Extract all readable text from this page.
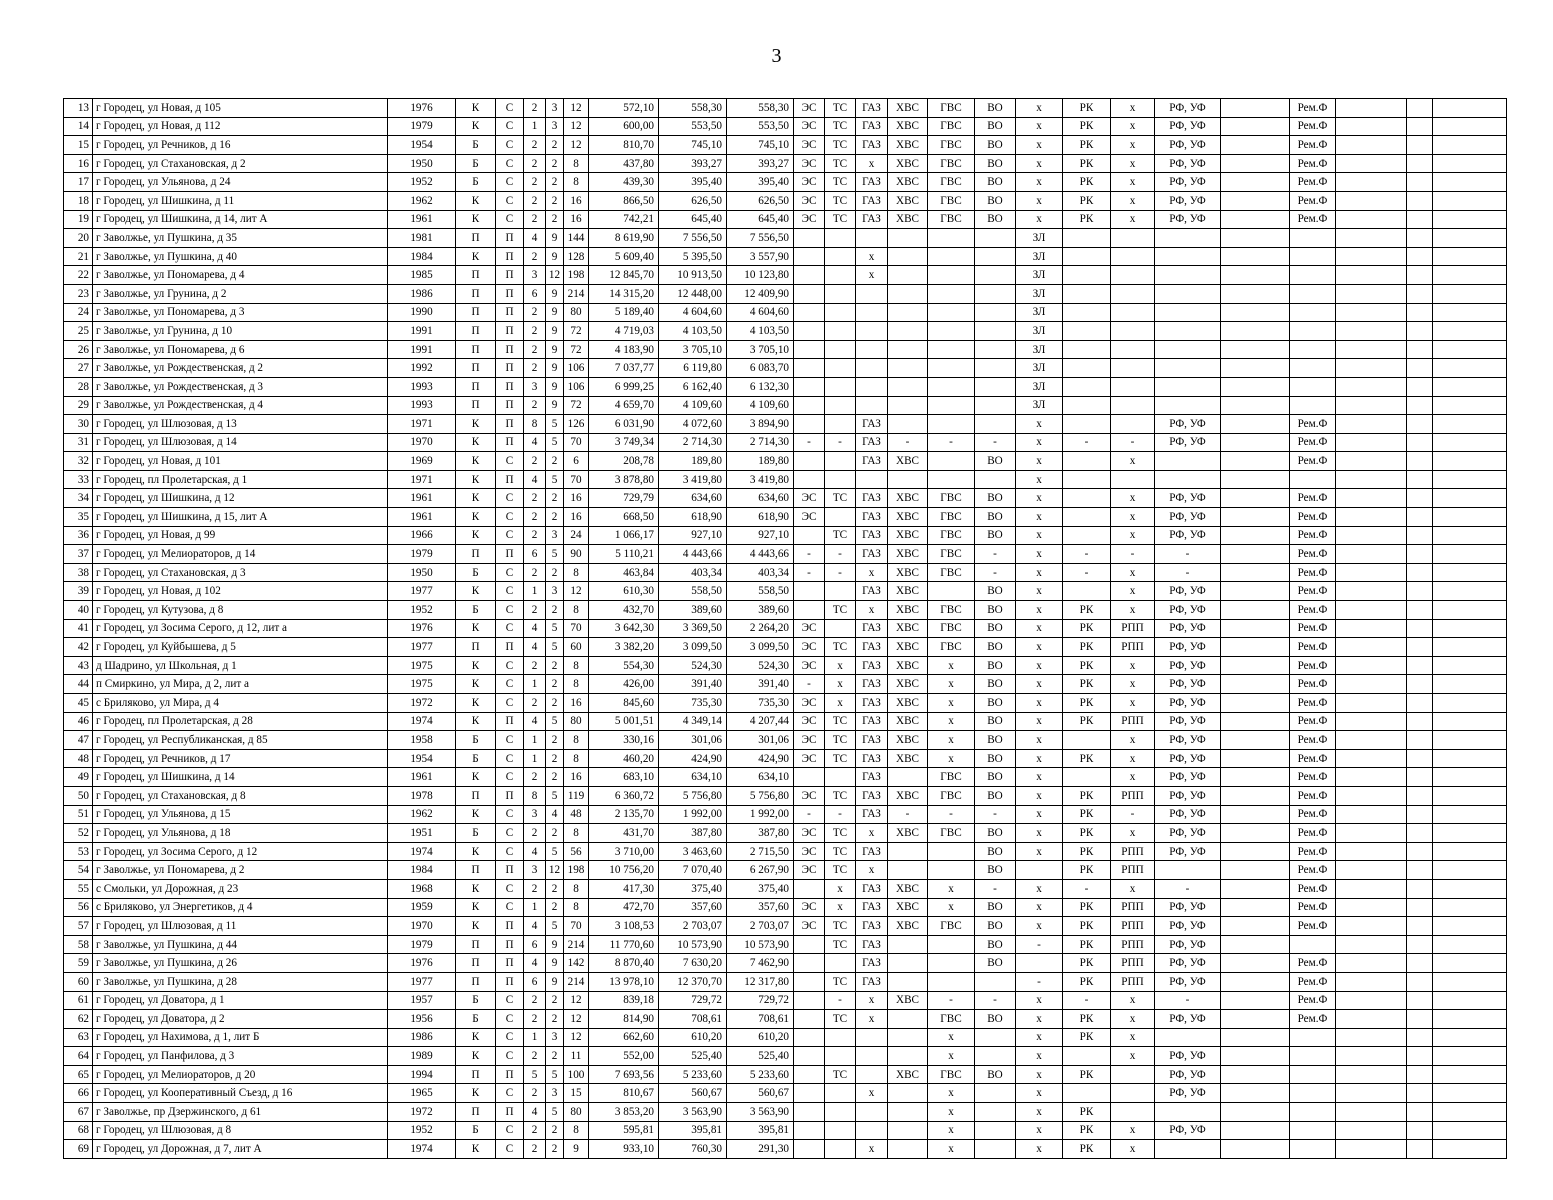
3
13	г Городец, ул Новая, д 105	1976	К	С	2	3	12	572,10	558,30	558,30	ЭС	ТС	ГАЗ	ХВС	ГВС	ВО	х	РК	х	РФ, УФ		Рем.Ф			
14	г Городец, ул Новая, д 112	1979	К	С	1	3	12	600,00	553,50	553,50	ЭС	ТС	ГАЗ	ХВС	ГВС	ВО	х	РК	х	РФ, УФ		Рем.Ф			
15	г Городец, ул Речников, д 16	1954	Б	С	2	2	12	810,70	745,10	745,10	ЭС	ТС	ГАЗ	ХВС	ГВС	ВО	х	РК	х	РФ, УФ		Рем.Ф			
16	г Городец, ул Стахановская, д 2	1950	Б	С	2	2	8	437,80	393,27	393,27	ЭС	ТС	х	ХВС	ГВС	ВО	х	РК	х	РФ, УФ		Рем.Ф			
17	г Городец, ул Ульянова, д 24	1952	Б	С	2	2	8	439,30	395,40	395,40	ЭС	ТС	ГАЗ	ХВС	ГВС	ВО	х	РК	х	РФ, УФ		Рем.Ф			
18	г Городец, ул Шишкина, д 11	1962	К	С	2	2	16	866,50	626,50	626,50	ЭС	ТС	ГАЗ	ХВС	ГВС	ВО	х	РК	х	РФ, УФ		Рем.Ф			
19	г Городец, ул Шишкина, д 14, лит А	1961	К	С	2	2	16	742,21	645,40	645,40	ЭС	ТС	ГАЗ	ХВС	ГВС	ВО	х	РК	х	РФ, УФ		Рем.Ф			
20	г Заволжье, ул Пушкина, д 35	1981	П	П	4	9	144	8 619,90	7 556,50	7 556,50							ЗЛ								
21	г Заволжье, ул Пушкина, д 40	1984	К	П	2	9	128	5 609,40	5 395,50	3 557,90			х				ЗЛ								
22	г Заволжье, ул Пономарева, д 4	1985	П	П	3	12	198	12 845,70	10 913,50	10 123,80			х				ЗЛ								
23	г Заволжье, ул Грунина, д 2	1986	П	П	6	9	214	14 315,20	12 448,00	12 409,90							ЗЛ								
24	г Заволжье, ул Пономарева, д 3	1990	П	П	2	9	80	5 189,40	4 604,60	4 604,60							ЗЛ								
25	г Заволжье, ул Грунина, д 10	1991	П	П	2	9	72	4 719,03	4 103,50	4 103,50							ЗЛ								
26	г Заволжье, ул Пономарева, д 6	1991	П	П	2	9	72	4 183,90	3 705,10	3 705,10							ЗЛ								
27	г Заволжье, ул Рождественская, д 2	1992	П	П	2	9	106	7 037,77	6 119,80	6 083,70							ЗЛ								
28	г Заволжье, ул Рождественская, д 3	1993	П	П	3	9	106	6 999,25	6 162,40	6 132,30							ЗЛ								
29	г Заволжье, ул Рождественская, д 4	1993	П	П	2	9	72	4 659,70	4 109,60	4 109,60							ЗЛ								
30	г Городец, ул Шлюзовая, д 13	1971	К	П	8	5	126	6 031,90	4 072,60	3 894,90			ГАЗ				х			РФ, УФ		Рем.Ф			
31	г Городец, ул Шлюзовая, д 14	1970	К	П	4	5	70	3 749,34	2 714,30	2 714,30	-	-	ГАЗ	-	-	-	х	-	-	РФ, УФ		Рем.Ф			
32	г Городец, ул Новая, д 101	1969	К	С	2	2	6	208,78	189,80	189,80			ГАЗ	ХВС		ВО	х		х			Рем.Ф			
33	г Городец, пл Пролетарская, д 1	1971	К	П	4	5	70	3 878,80	3 419,80	3 419,80							х								
34	г Городец, ул Шишкина, д 12	1961	К	С	2	2	16	729,79	634,60	634,60	ЭС	ТС	ГАЗ	ХВС	ГВС	ВО	х		х	РФ, УФ		Рем.Ф			
35	г Городец, ул Шишкина, д 15, лит А	1961	К	С	2	2	16	668,50	618,90	618,90	ЭС		ГАЗ	ХВС	ГВС	ВО	х		х	РФ, УФ		Рем.Ф			
36	г Городец, ул Новая, д 99	1966	К	С	2	3	24	1 066,17	927,10	927,10		ТС	ГАЗ	ХВС	ГВС	ВО	х		х	РФ, УФ		Рем.Ф			
37	г Городец, ул Мелиораторов, д 14	1979	П	П	6	5	90	5 110,21	4 443,66	4 443,66	-	-	ГАЗ	ХВС	ГВС	-	х	-	-	-		Рем.Ф			
38	г Городец, ул Стахановская, д 3	1950	Б	С	2	2	8	463,84	403,34	403,34	-	-	х	ХВС	ГВС	-	х	-	х	-		Рем.Ф			
39	г Городец, ул Новая, д 102	1977	К	С	1	3	12	610,30	558,50	558,50			ГАЗ	ХВС		ВО	х		х	РФ, УФ		Рем.Ф			
40	г Городец, ул Кутузова, д 8	1952	Б	С	2	2	8	432,70	389,60	389,60		ТС	х	ХВС	ГВС	ВО	х	РК	х	РФ, УФ		Рем.Ф			
41	г Городец, ул Зосима Серого, д 12, лит а	1976	К	С	4	5	70	3 642,30	3 369,50	2 264,20	ЭС		ГАЗ	ХВС	ГВС	ВО	х	РК	РПП	РФ, УФ		Рем.Ф			
42	г Городец, ул Куйбышева, д 5	1977	П	П	4	5	60	3 382,20	3 099,50	3 099,50	ЭС	ТС	ГАЗ	ХВС	ГВС	ВО	х	РК	РПП	РФ, УФ		Рем.Ф			
43	д Шадрино, ул Школьная, д 1	1975	К	С	2	2	8	554,30	524,30	524,30	ЭС	х	ГАЗ	ХВС	х	ВО	х	РК	х	РФ, УФ		Рем.Ф			
44	п Смиркино, ул Мира, д 2, лит а	1975	К	С	1	2	8	426,00	391,40	391,40	-	х	ГАЗ	ХВС	х	ВО	х	РК	х	РФ, УФ		Рем.Ф			
45	с Бриляково, ул Мира, д 4	1972	К	С	2	2	16	845,60	735,30	735,30	ЭС	х	ГАЗ	ХВС	х	ВО	х	РК	х	РФ, УФ		Рем.Ф			
46	г Городец, пл Пролетарская, д 28	1974	К	П	4	5	80	5 001,51	4 349,14	4 207,44	ЭС	ТС	ГАЗ	ХВС	х	ВО	х	РК	РПП	РФ, УФ		Рем.Ф			
47	г Городец, ул Республиканская, д 85	1958	Б	С	1	2	8	330,16	301,06	301,06	ЭС	ТС	ГАЗ	ХВС	х	ВО	х		х	РФ, УФ		Рем.Ф			
48	г Городец, ул Речников, д 17	1954	Б	С	1	2	8	460,20	424,90	424,90	ЭС	ТС	ГАЗ	ХВС	х	ВО	х	РК	х	РФ, УФ		Рем.Ф			
49	г Городец, ул Шишкина, д 14	1961	К	С	2	2	16	683,10	634,10	634,10			ГАЗ		ГВС	ВО	х		х	РФ, УФ		Рем.Ф			
50	г Городец, ул Стахановская, д 8	1978	П	П	8	5	119	6 360,72	5 756,80	5 756,80	ЭС	ТС	ГАЗ	ХВС	ГВС	ВО	х	РК	РПП	РФ, УФ		Рем.Ф			
51	г Городец, ул Ульянова, д 15	1962	К	С	3	4	48	2 135,70	1 992,00	1 992,00	-	-	ГАЗ	-	-	-	х	РК	-	РФ, УФ		Рем.Ф			
52	г Городец, ул Ульянова, д 18	1951	Б	С	2	2	8	431,70	387,80	387,80	ЭС	ТС	х	ХВС	ГВС	ВО	х	РК	х	РФ, УФ		Рем.Ф			
53	г Городец, ул Зосима Серого, д 12	1974	К	С	4	5	56	3 710,00	3 463,60	2 715,50	ЭС	ТС	ГАЗ			ВО	х	РК	РПП	РФ, УФ		Рем.Ф			
54	г Заволжье, ул Пономарева, д 2	1984	П	П	3	12	198	10 756,20	7 070,40	6 267,90	ЭС	ТС	х			ВО		РК	РПП			Рем.Ф			
55	с Смольки, ул Дорожная, д 23	1968	К	С	2	2	8	417,30	375,40	375,40		х	ГАЗ	ХВС	х	-	х	-	х	-		Рем.Ф			
56	с Бриляково, ул Энергетиков, д 4	1959	К	С	1	2	8	472,70	357,60	357,60	ЭС	х	ГАЗ	ХВС	х	ВО	х	РК	РПП	РФ, УФ		Рем.Ф			
57	г Городец, ул Шлюзовая, д 11	1970	К	П	4	5	70	3 108,53	2 703,07	2 703,07	ЭС	ТС	ГАЗ	ХВС	ГВС	ВО	х	РК	РПП	РФ, УФ		Рем.Ф			
58	г Заволжье, ул Пушкина, д 44	1979	П	П	6	9	214	11 770,60	10 573,90	10 573,90		ТС	ГАЗ			ВО	-	РК	РПП	РФ, УФ					
59	г Заволжье, ул Пушкина, д 26	1976	П	П	4	9	142	8 870,40	7 630,20	7 462,90			ГАЗ			ВО		РК	РПП	РФ, УФ		Рем.Ф			
60	г Заволжье, ул Пушкина, д 28	1977	П	П	6	9	214	13 978,10	12 370,70	12 317,80		ТС	ГАЗ				-	РК	РПП	РФ, УФ		Рем.Ф			
61	г Городец, ул Доватора, д 1	1957	Б	С	2	2	12	839,18	729,72	729,72		-	х	ХВС	-	-	х	-	х	-		Рем.Ф			
62	г Городец, ул Доватора, д 2	1956	Б	С	2	2	12	814,90	708,61	708,61		ТС	х		ГВС	ВО	х	РК	х	РФ, УФ		Рем.Ф			
63	г Городец, ул Нахимова, д 1, лит Б	1986	К	С	1	3	12	662,60	610,20	610,20					х		х	РК	х						
64	г Городец, ул Панфилова, д 3	1989	К	С	2	2	11	552,00	525,40	525,40					х		х		х	РФ, УФ					
65	г Городец, ул Мелиораторов, д 20	1994	П	П	5	5	100	7 693,56	5 233,60	5 233,60		ТС		ХВС	ГВС	ВО	х	РК		РФ, УФ					
66	г Городец, ул Кооперативный Съезд, д 16	1965	К	С	2	3	15	810,67	560,67	560,67			х		х		х			РФ, УФ					
67	г Заволжье, пр Дзержинского, д 61	1972	П	П	4	5	80	3 853,20	3 563,90	3 563,90					х		х	РК							
68	г Городец, ул Шлюзовая, д 8	1952	Б	С	2	2	8	595,81	395,81	395,81					х		х	РК	х	РФ, УФ					
69	г Городец, ул Дорожная, д 7, лит А	1974	К	С	2	2	9	933,10	760,30	291,30			х		х		х	РК	х						
